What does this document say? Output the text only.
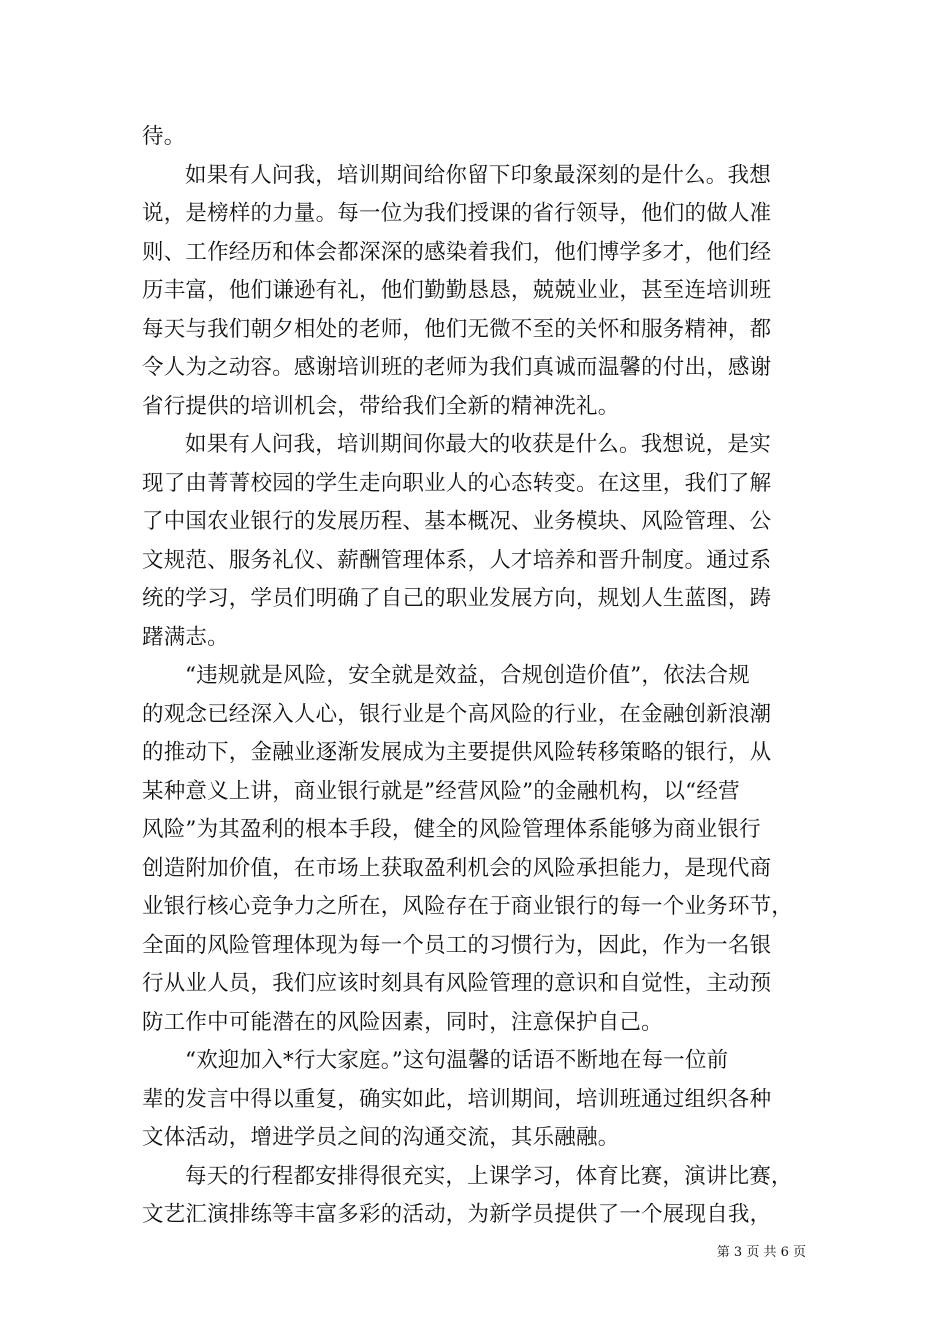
待。
如果有人问我，培训期间给你留下印象最深刻的是什么。我想
说，是榜样的力量。每一位为我们授课的省行领导，他们的做人准
则、工作经历和体会都深深的感染着我们，他们博学多才，他们经
历丰富，他们谦逊有礼，他们勤勤恳恳，兢兢业业，甚至连培训班
每天与我们朝夕相处的老师，他们无微不至的关怀和服务精神，都
令人为之动容。感谢培训班的老师为我们真诚而温馨的付出，感谢
省行提供的培训机会，带给我们全新的精神洗礼。
如果有人问我，培训期间你最大的收获是什么。我想说，是实
现了由菁菁校园的学生走向职业人的心态转变。在这里，我们了解
了中国农业银行的发展历程、基本概况、业务模块、风险管理、公
文规范、服务礼仪、薪酬管理体系，人才培养和晋升制度。通过系
统的学习，学员们明确了自己的职业发展方向，规划人生蓝图，踌
躇满志。
“违规就是风险，安全就是效益，合规创造价值”，依法合规
的观念已经深入人心，银行业是个高风险的行业，在金融创新浪潮
的推动下，金融业逐渐发展成为主要提供风险转移策略的银行，从
某种意义上讲，商业银行就是”经营风险”的金融机构，以“经营
风险”为其盈利的根本手段，健全的风险管理体系能够为商业银行
创造附加价值，在市场上获取盈利机会的风险承担能力，是现代商
业银行核心竞争力之所在，风险存在于商业银行的每一个业务环节，
全面的风险管理体现为每一个员工的习惯行为，因此，作为一名银
行从业人员，我们应该时刻具有风险管理的意识和自觉性，主动预
防工作中可能潜在的风险因素，同时，注意保护自己。
“欢迎加入*行大家庭。”这句温馨的话语不断地在每一位前
辈的发言中得以重复，确实如此，培训期间，培训班通过组织各种
文体活动，增进学员之间的沟通交流，其乐融融。
每天的行程都安排得很充实，上课学习，体育比赛，演讲比赛，
文艺汇演排练等丰富多彩的活动，为新学员提供了一个展现自我，
第 3 页 共 6 页
